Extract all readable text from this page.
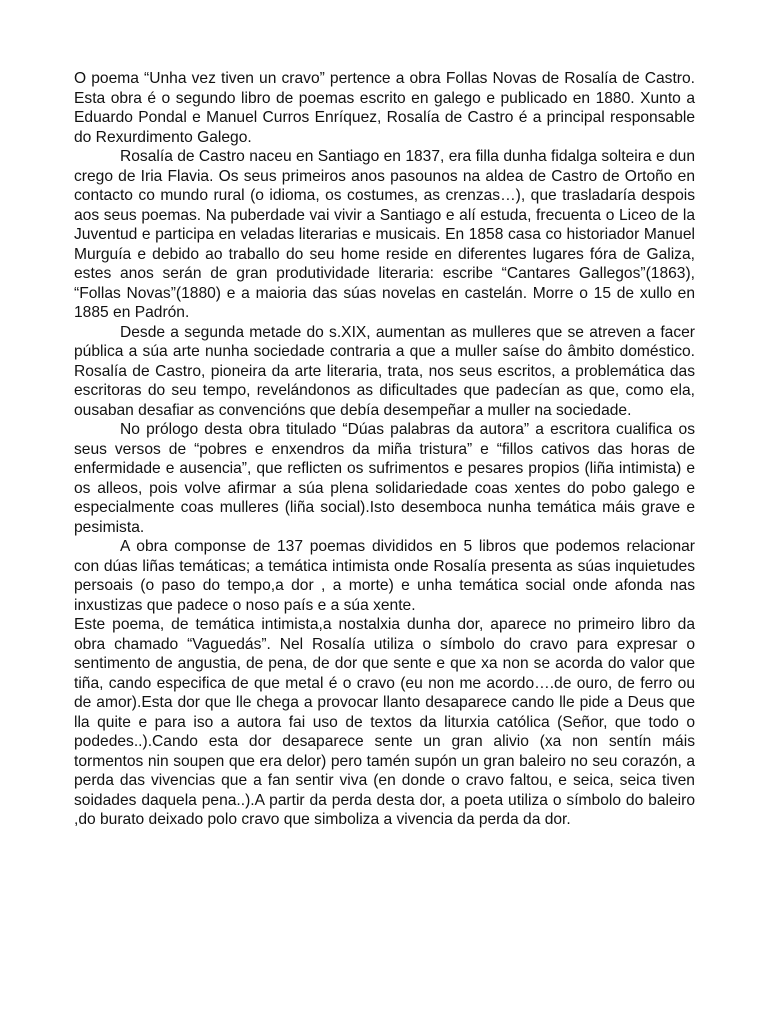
O poema “Unha vez tiven un cravo” pertence a obra Follas Novas de Rosalía de Castro. Esta obra é o segundo libro de poemas escrito en galego e publicado en 1880. Xunto a Eduardo Pondal e Manuel Curros Enríquez, Rosalía de Castro é a principal responsable do Rexurdimento Galego.

Rosalía de Castro naceu en Santiago en 1837, era filla dunha fidalga solteira e dun crego de Iria Flavia. Os seus primeiros anos pasounos na aldea de Castro de Ortoño en contacto co mundo rural (o idioma, os costumes, as crenzas…), que trasladaría despois aos seus poemas. Na puberdade vai vivir a Santiago e alí estuda, frecuenta o Liceo de la Juventud e participa en veladas literarias e musicais. En 1858 casa co historiador Manuel Murguía e debido ao traballo do seu home reside en diferentes lugares fóra de Galiza, estes anos serán de gran produtividade literaria: escribe “Cantares Gallegos”(1863), “Follas Novas”(1880) e a maioria das súas novelas en castelán. Morre o 15 de xullo en 1885 en Padrón.

Desde a segunda metade do s.XIX, aumentan as mulleres que se atreven a facer pública a súa arte nunha sociedade contraria a que a muller saíse do âmbito doméstico. Rosalía de Castro, pioneira da arte literaria, trata, nos seus escritos, a problemática das escritoras do seu tempo, revelándonos as dificultades que padecían as que, como ela, ousaban desafiar as convencións que debía desempeñar a muller na sociedade.

No prólogo desta obra titulado “Dúas palabras da autora” a escritora cualifica os seus versos de “pobres e enxendros da miña tristura” e “fillos cativos das horas de enfermidade e ausencia”, que reflicten os sufrimentos e pesares propios (liña intimista) e os alleos, pois volve afirmar a súa plena solidariedade coas xentes do pobo galego e especialmente coas mulleres (liña social).Isto desemboca nunha temática máis grave e pesimista.

A obra componse de 137 poemas divididos en 5 libros que podemos relacionar con dúas liñas temáticas; a temática intimista onde Rosalía presenta as súas inquietudes persoais (o paso do tempo,a dor , a morte) e unha temática social onde afonda nas inxustizas que padece o noso país e a súa xente.

Este poema, de temática intimista,a nostalxia dunha dor, aparece no primeiro libro da obra chamado “Vaguedás”. Nel Rosalía utiliza o símbolo do cravo para expresar o sentimento de angustia, de pena, de dor que sente e que xa non se acorda do valor que tiña, cando especifica de que metal é o cravo (eu non me acordo….de ouro, de ferro ou de amor).Esta dor que lle chega a provocar llanto desaparece cando lle pide a Deus que lla quite e para iso a autora fai uso de textos da liturxia católica (Señor, que todo o podedes..).Cando esta dor desaparece sente un gran alivio (xa non sentín máis tormentos nin soupen que era delor) pero tamén supón un gran baleiro no seu corazón, a perda das vivencias que a fan sentir viva (en donde o cravo faltou, e seica, seica tiven soidades daquela pena..).A partir da perda desta dor, a poeta utiliza o símbolo do baleiro ,do burato deixado polo cravo que simboliza a vivencia da perda da dor.
